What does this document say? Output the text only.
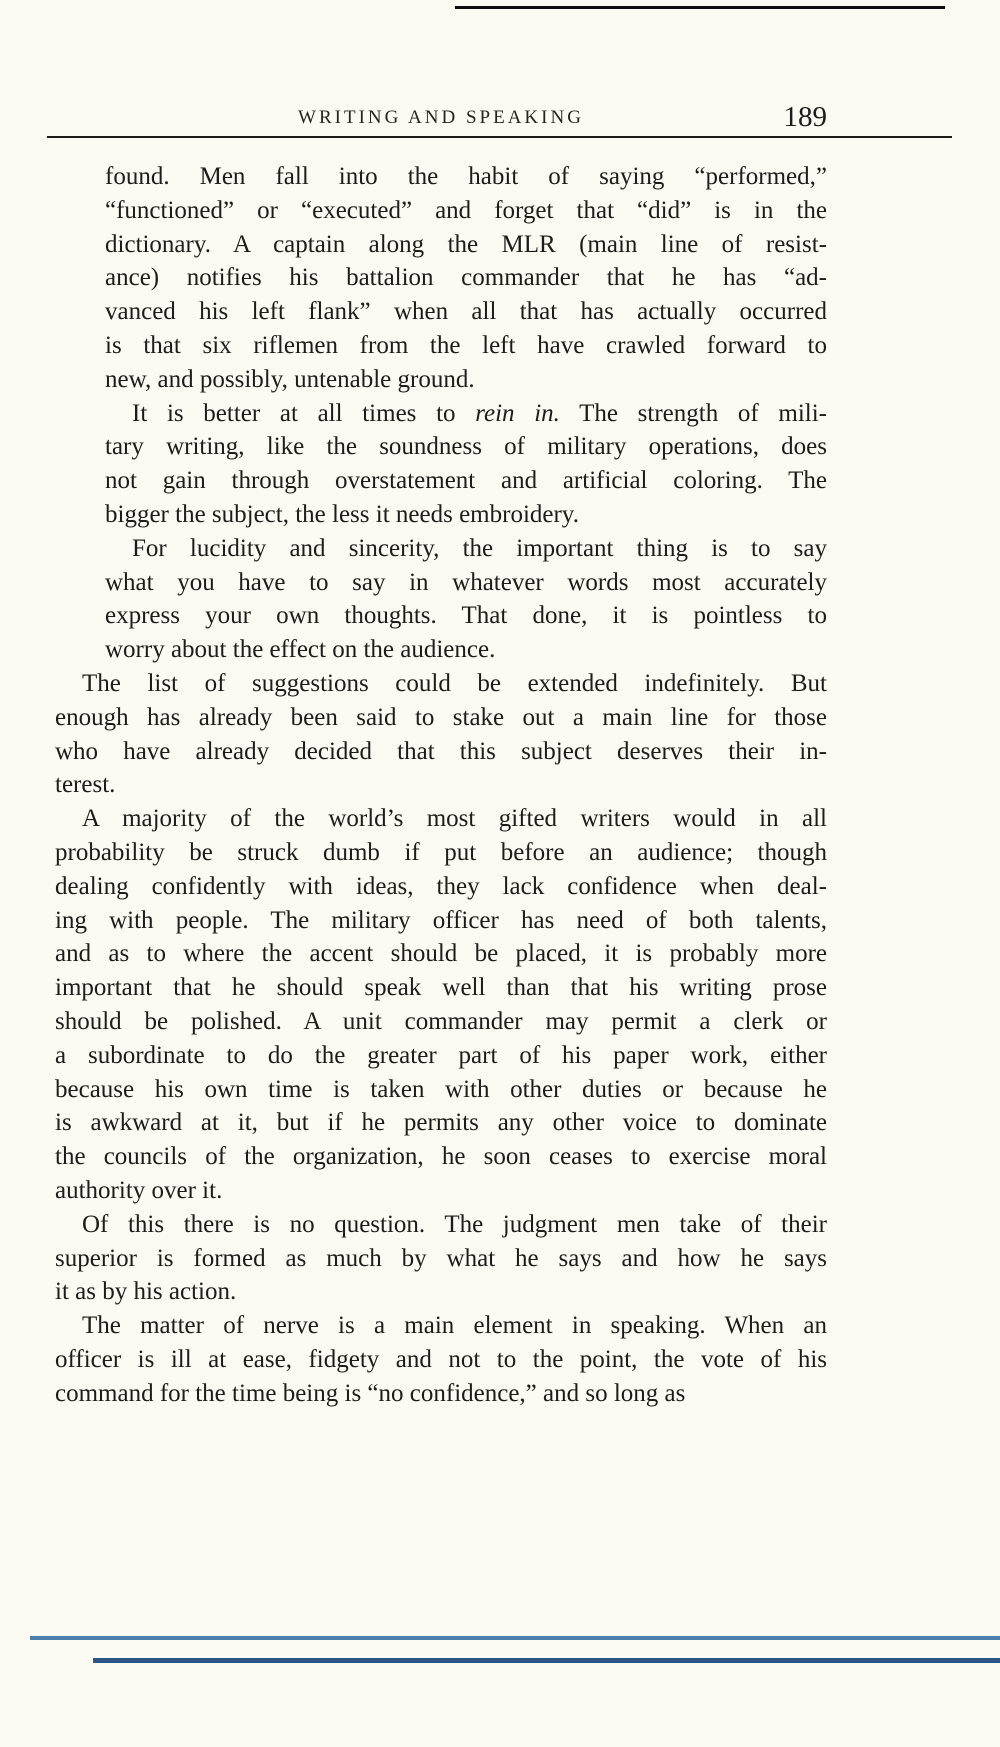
WRITING AND SPEAKING	189

found. Men fall into the habit of saying “performed,”
“functioned” or “executed” and forget that “did” is in the
dictionary. A captain along the MLR (main line of resist-
ance) notifies his battalion commander that he has “ad-
vanced his left flank” when all that has actually occurred
is that six riflemen from the left have crawled forward to
new, and possibly, untenable ground.

It is better at all times to rein in. The strength of mili-
tary writing, like the soundness of military operations, does
not gain through overstatement and artificial coloring. The
bigger the subject, the less it needs embroidery.

For lucidity and sincerity, the important thing is to say
what you have to say in whatever words most accurately
express your own thoughts. That done, it is pointless to
worry about the effect on the audience.

The list of suggestions could be extended indefinitely. But
enough has already been said to stake out a main line for those
who have already decided that this subject deserves their in-
terest.

A majority of the world’s most gifted writers would in all
probability be struck dumb if put before an audience; though
dealing confidently with ideas, they lack confidence when deal-
ing with people. The military officer has need of both talents,
and as to where the accent should be placed, it is probably more
important that he should speak well than that his writing prose
should be polished. A unit commander may permit a clerk or
a subordinate to do the greater part of his paper work, either
because his own time is taken with other duties or because he
is awkward at it, but if he permits any other voice to dominate
the councils of the organization, he soon ceases to exercise moral
authority over it.

Of this there is no question. The judgment men take of their
superior is formed as much by what he says and how he says
it as by his action.

The matter of nerve is a main element in speaking. When an
officer is ill at ease, fidgety and not to the point, the vote of his
command for the time being is “no confidence,” and so long as
